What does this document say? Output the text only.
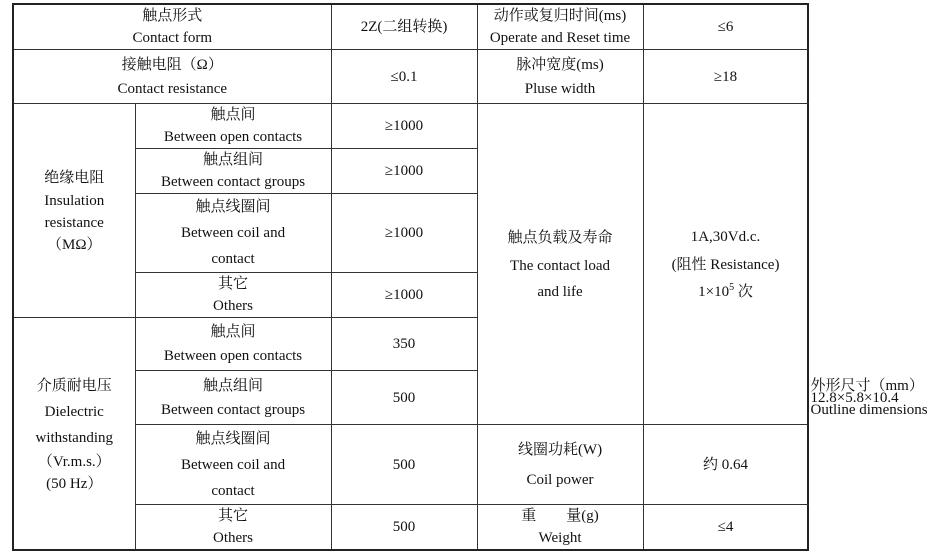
触点形式
Contact form		2Z(二组转换)	动作或复归时间(ms)
Operate and Reset time	≤6	

接触电阻（Ω）
Contact resistance		≤0.1	脉冲宽度(ms)
Pluse width	≥18	

绝缘电阻
Insulation
resistance
（MΩ）	触点间
Between open contacts	≥1000	触点负载及寿命
The contact load
and life	1A,30Vd.c.
(阻性 Resistance)
$1\times 10^5$ 次	

	触点组间
Between contact groups	≥1000			

	触点线圈间
Between coil and
contact	≥1000			

	其它
Others	≥1000			

介质耐电压
Dielectric
withstanding
（Vr.m.s.）
(50 Hz）	触点间
Between open contacts	350			

	触点组间
Between contact groups	500			外形尺寸（mm）
Outline dimensions	12.8×5.8×10.4

	触点线圈间
Between coil and
contact	500	线圈功耗(W)
Coil power	约 0.64	

	其它
Others	500	重　　量(g)
Weight	≤4	
